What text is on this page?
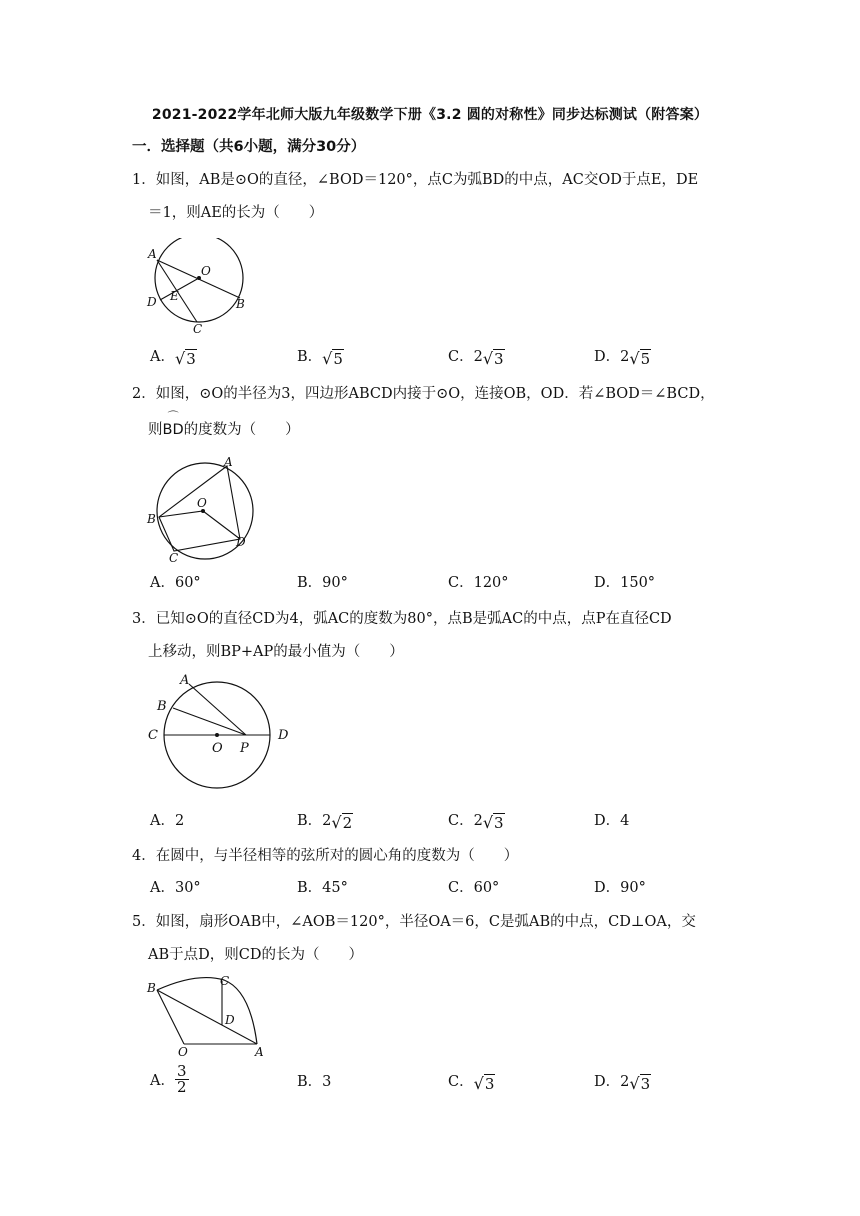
2021-2022学年北师大版九年级数学下册《3.2 圆的对称性》同步达标测试（附答案）
一．选择题（共6小题，满分30分）
1．如图，AB是⊙O的直径，∠BOD＝120°，点C为弧BD的中点，AC交OD于点E，DE
＝1，则AE的长为（　　）
A
O
D E
B
C
A．√3	B．√5	C．2√3	D．2√5
2．如图，⊙O的半径为3，四边形ABCD内接于⊙O，连接OB，OD．若∠BOD＝∠BCD，
则
⌒
BD的度数为（　　）
A
O
B
C
D
A．60°	B．90°	C．120°	D．150°
3．已知⊙O的直径CD为4，弧AC的度数为80°，点B是弧AC的中点，点P在直径CD
上移动，则BP+AP的最小值为（　　）
A
B
C
O P
D
A．2	B．2√2	C．2√3	D．4
4．在圆中，与半径相等的弦所对的圆心角的度数为（　　）
A．30°	B．45°	C．60°	D．90°
5．如图，扇形OAB中，∠AOB＝120°，半径OA＝6，C是弧AB的中点，CD⊥OA，交
AB于点D，则CD的长为（　　）
B	C
D
O	A
A． $\frac{3}{2}$	B．3	C．√3	D．2√3
